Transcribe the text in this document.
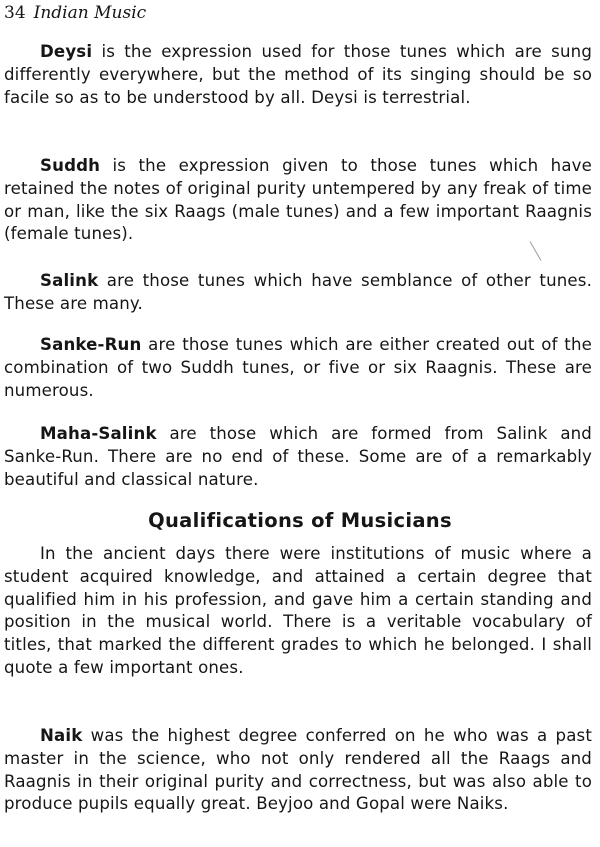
34 Indian Music

Deysi is the expression used for those tunes which are sung differently everywhere, but the method of its singing should be so facile so as to be understood by all. Deysi is terrestrial.

Suddh is the expression given to those tunes which have retained the notes of original purity untempered by any freak of time or man, like the six Raags (male tunes) and a few important Raagnis (female tunes).

Salink are those tunes which have semblance of other tunes. These are many.

Sanke-Run are those tunes which are either created out of the combination of two Suddh tunes, or five or six Raagnis. These are numerous.

Maha-Salink are those which are formed from Salink and Sanke-Run. There are no end of these. Some are of a remarkably beautiful and classical nature.

Qualifications of Musicians

In the ancient days there were institutions of music where a student acquired knowledge, and attained a certain degree that qualified him in his profession, and gave him a certain standing and position in the musical world. There is a veritable vocabulary of titles, that marked the different grades to which he belonged. I shall quote a few important ones.

Naik was the highest degree conferred on he who was a past master in the science, who not only rendered all the Raags and Raagnis in their original purity and correctness, but was also able to produce pupils equally great. Beyjoo and Gopal were Naiks.
